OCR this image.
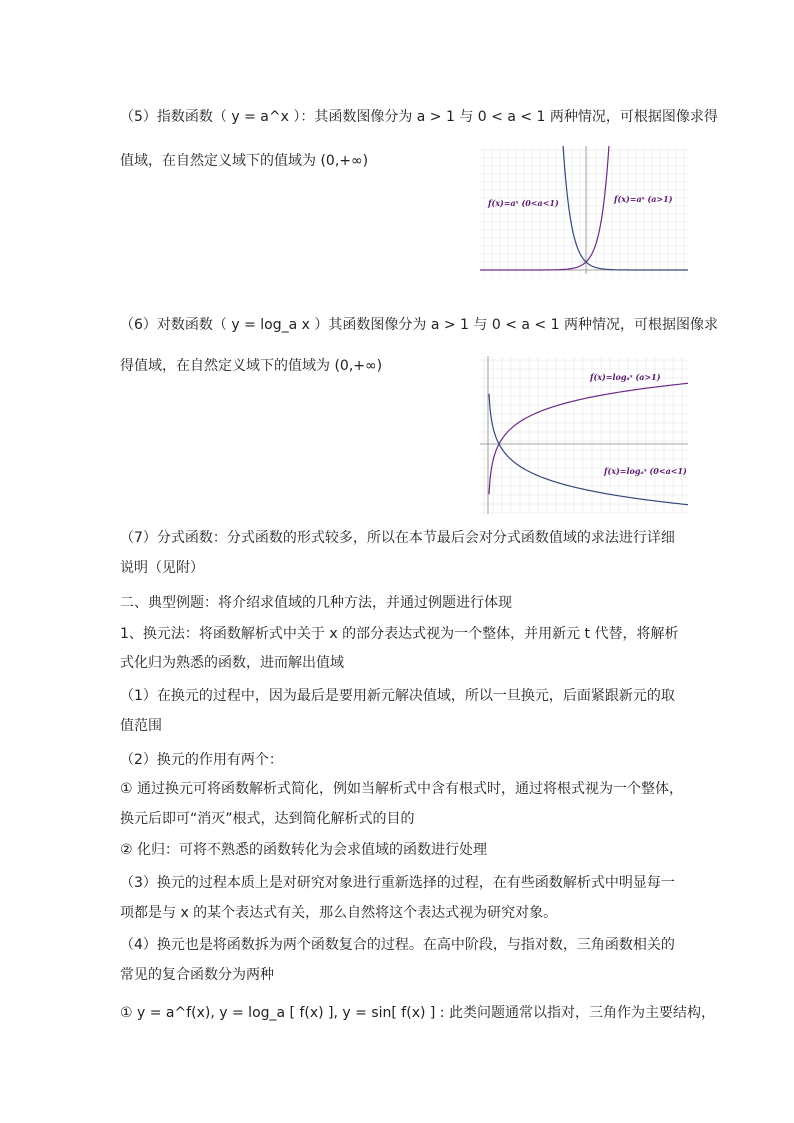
（5）指数函数（ y = a^x ）：其函数图像分为 a > 1 与 0 < a < 1 两种情况，可根据图像求得
值域，在自然定义域下的值域为 (0,+∞)
f(x)=aˣ (0<a<1)	f(x)=aˣ (a>1)
（6）对数函数（ y = log_a x ）其函数图像分为 a > 1 与 0 < a < 1 两种情况，可根据图像求
得值域，在自然定义域下的值域为 (0,+∞)
f(x)=logₐˣ (a>1)
f(x)=logₐˣ (0<a<1)
（7）分式函数：分式函数的形式较多，所以在本节最后会对分式函数值域的求法进行详细
说明（见附）
二、典型例题：将介绍求值域的几种方法，并通过例题进行体现
1、换元法：将函数解析式中关于 x 的部分表达式视为一个整体，并用新元 t 代替，将解析
式化归为熟悉的函数，进而解出值域
（1）在换元的过程中，因为最后是要用新元解决值域，所以一旦换元，后面紧跟新元的取
值范围
（2）换元的作用有两个：
① 通过换元可将函数解析式简化，例如当解析式中含有根式时，通过将根式视为一个整体，
换元后即可“消灭”根式，达到简化解析式的目的
② 化归：可将不熟悉的函数转化为会求值域的函数进行处理
（3）换元的过程本质上是对研究对象进行重新选择的过程，在有些函数解析式中明显每一
项都是与 x 的某个表达式有关，那么自然将这个表达式视为研究对象。
（4）换元也是将函数拆为两个函数复合的过程。在高中阶段，与指对数，三角函数相关的
常见的复合函数分为两种
① y = a^f(x), y = log_a [ f(x) ], y = sin[ f(x) ] : 此类问题通常以指对，三角作为主要结构，
